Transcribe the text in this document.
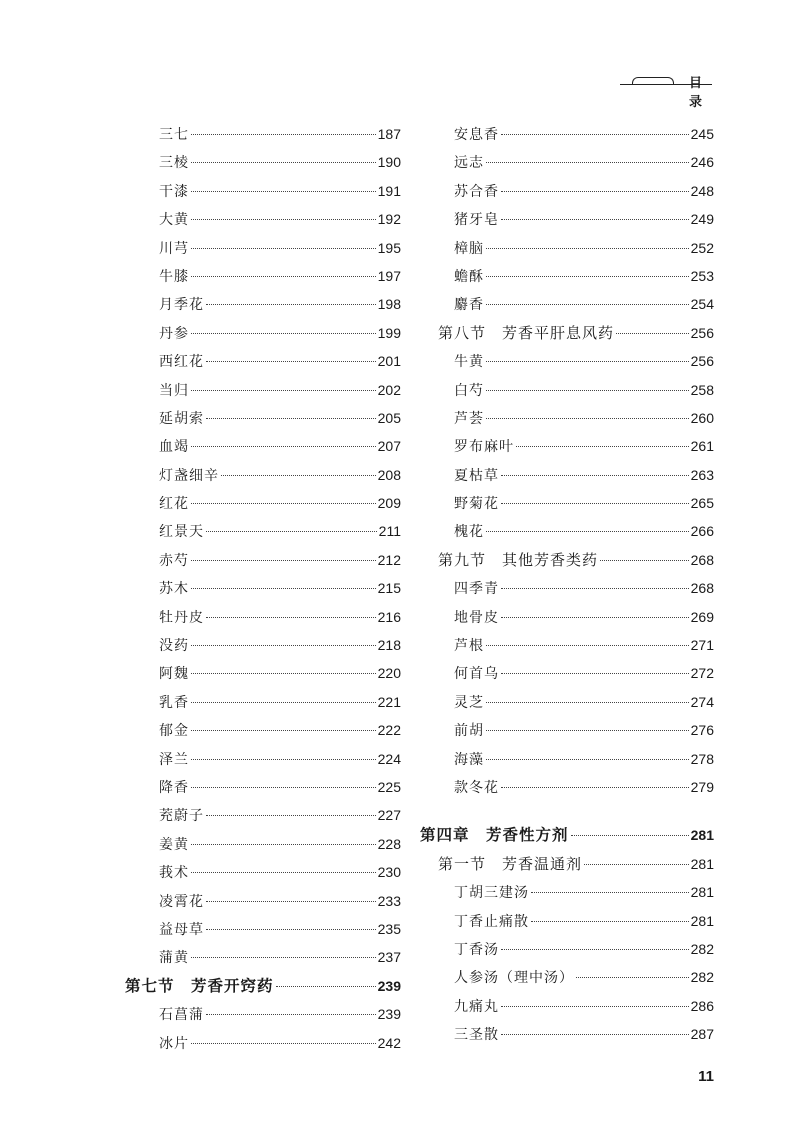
目 录
三七	187
三棱	190
干漆	191
大黄	192
川芎	195
牛膝	197
月季花	198
丹参	199
西红花	201
当归	202
延胡索	205
血竭	207
灯盏细辛	208
红花	209
红景天	211
赤芍	212
苏木	215
牡丹皮	216
没药	218
阿魏	220
乳香	221
郁金	222
泽兰	224
降香	225
茺蔚子	227
姜黄	228
莪术	230
凌霄花	233
益母草	235
蒲黄	237
第七节　芳香开窍药	239
石菖蒲	239
冰片	242
安息香	245
远志	246
苏合香	248
猪牙皂	249
樟脑	252
蟾酥	253
麝香	254
第八节　芳香平肝息风药	256
牛黄	256
白芍	258
芦荟	260
罗布麻叶	261
夏枯草	263
野菊花	265
槐花	266
第九节　其他芳香类药	268
四季青	268
地骨皮	269
芦根	271
何首乌	272
灵芝	274
前胡	276
海藻	278
款冬花	279
第四章　芳香性方剂	281
第一节　芳香温通剂	281
丁胡三建汤	281
丁香止痛散	281
丁香汤	282
人参汤（理中汤）	282
九痛丸	286
三圣散	287
11
